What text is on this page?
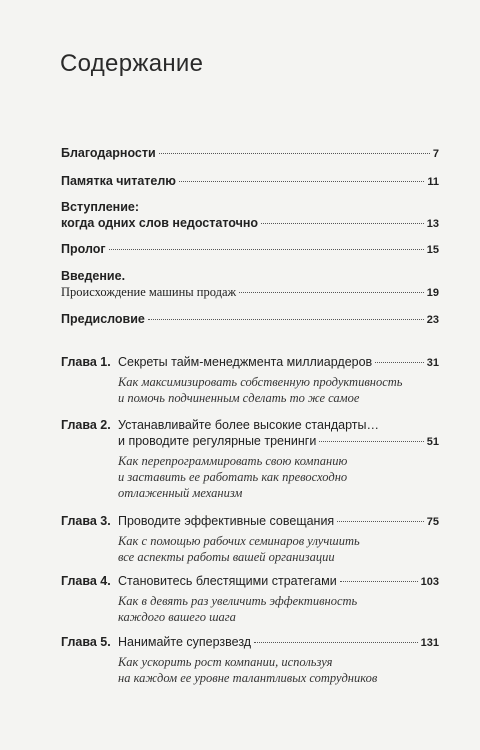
Содержание
Благодарности	7
Памятка читателю	11
Вступление:
когда одних слов недостаточно	13
Пролог	15
Введение.
Происхождение машины продаж	19
Предисловие	23
Глава 1. Секреты тайм-менеджмента миллиардеров	31
Как максимизировать собственную продуктивность
и помочь подчиненным сделать то же самое
Глава 2. Устанавливайте более высокие стандарты…
и проводите регулярные тренинги	51
Как перепрограммировать свою компанию
и заставить ее работать как превосходно
отлаженный механизм
Глава 3. Проводите эффективные совещания	75
Как с помощью рабочих семинаров улучшить
все аспекты работы вашей организации
Глава 4. Становитесь блестящими стратегами	103
Как в девять раз увеличить эффективность
каждого вашего шага
Глава 5. Нанимайте суперзвезд	131
Как ускорить рост компании, используя
на каждом ее уровне талантливых сотрудников
